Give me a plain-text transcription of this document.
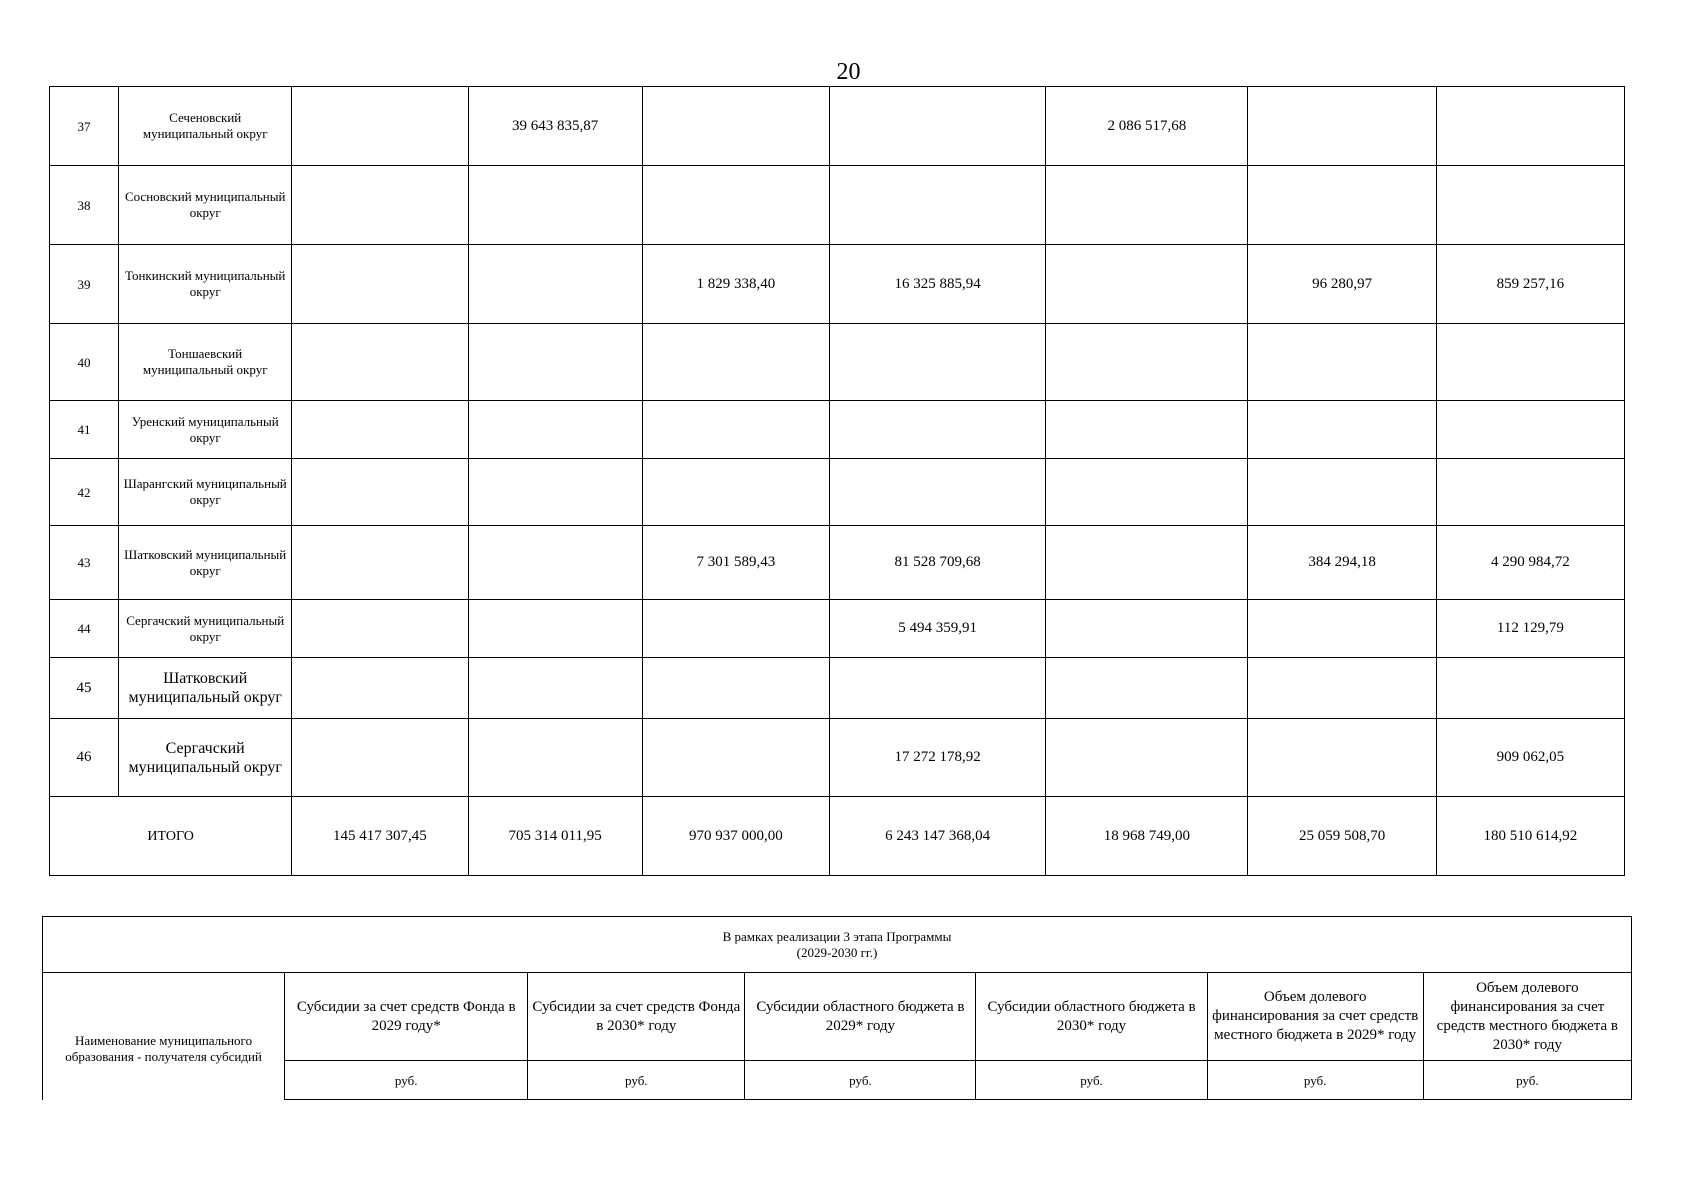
20
37	Сеченовский муниципальный округ		39 643 835,87			2 086 517,68		
38	Сосновский муниципальный округ							
39	Тонкинский муниципальный округ			1 829 338,40	16 325 885,94		96 280,97	859 257,16
40	Тоншаевский муниципальный округ							
41	Уренский муниципальный округ							
42	Шарангский муниципальный округ							
43	Шатковский муниципальный округ			7 301 589,43	81 528 709,68		384 294,18	4 290 984,72
44	Сергачский муниципальный округ				5 494 359,91			112 129,79
45	Шатковский муниципальный округ							
46	Сергачский муниципальный округ				17 272 178,92			909 062,05
ИТОГО		145 417 307,45	705 314 011,95	970 937 000,00	6 243 147 368,04	18 968 749,00	25 059 508,70	180 510 614,92
В рамках реализации 3 этапа Программы
(2029-2030 гг.)						
Наименование муниципального образования - получателя субсидий	Субсидии за счет средств Фонда в 2029 году*	Субсидии за счет средств Фонда в 2030* году	Субсидии областного бюджета в 2029* году	Субсидии областного бюджета в 2030* году	Объем долевого финансирования за счет средств местного бюджета в 2029* году	Объем долевого финансирования за счет средств местного бюджета в 2030* году
	руб.	руб.	руб.	руб.	руб.	руб.
